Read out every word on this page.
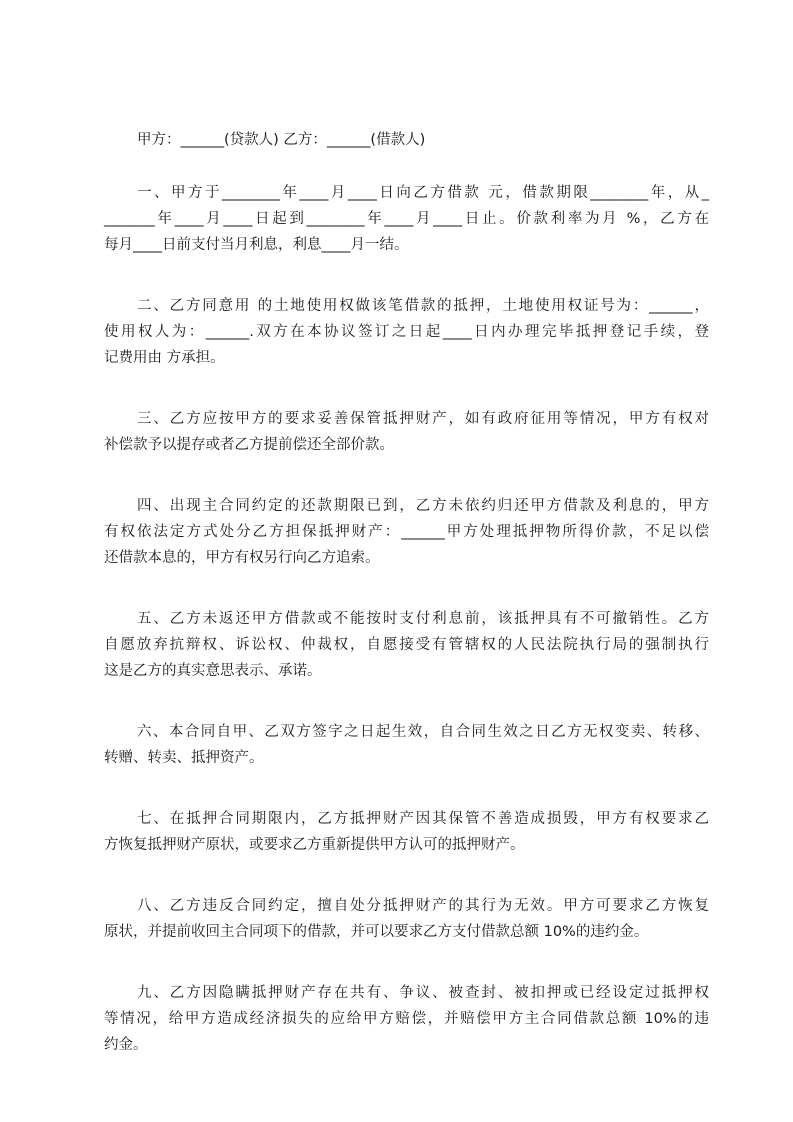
甲方：______(贷款人) 乙方：______(借款人)
一、甲方于________年____月____日向乙方借款 元，借款期限________年，从_
_______年____月____日起到________年____月____日止。价款利率为月 %，乙方在
每月____日前支付当月利息，利息____月一结。
二、乙方同意用 的土地使用权做该笔借款的抵押，土地使用权证号为：______，
使用权人为：______.双方在本协议签订之日起____日内办理完毕抵押登记手续，登
记费用由 方承担。
三、乙方应按甲方的要求妥善保管抵押财产，如有政府征用等情况，甲方有权对
补偿款予以提存或者乙方提前偿还全部价款。
四、出现主合同约定的还款期限已到，乙方未依约归还甲方借款及利息的，甲方
有权依法定方式处分乙方担保抵押财产：______甲方处理抵押物所得价款，不足以偿
还借款本息的，甲方有权另行向乙方追索。
五、乙方未返还甲方借款或不能按时支付利息前，该抵押具有不可撤销性。乙方
自愿放弃抗辩权、诉讼权、仲裁权，自愿接受有管辖权的人民法院执行局的强制执行
这是乙方的真实意思表示、承诺。
六、本合同自甲、乙双方签字之日起生效，自合同生效之日乙方无权变卖、转移、
转赠、转卖、抵押资产。
七、在抵押合同期限内，乙方抵押财产因其保管不善造成损毁，甲方有权要求乙
方恢复抵押财产原状，或要求乙方重新提供甲方认可的抵押财产。
八、乙方违反合同约定，擅自处分抵押财产的其行为无效。甲方可要求乙方恢复
原状，并提前收回主合同项下的借款，并可以要求乙方支付借款总额 10%的违约金。
九、乙方因隐瞒抵押财产存在共有、争议、被查封、被扣押或已经设定过抵押权
等情况，给甲方造成经济损失的应给甲方赔偿，并赔偿甲方主合同借款总额 10%的违
约金。
